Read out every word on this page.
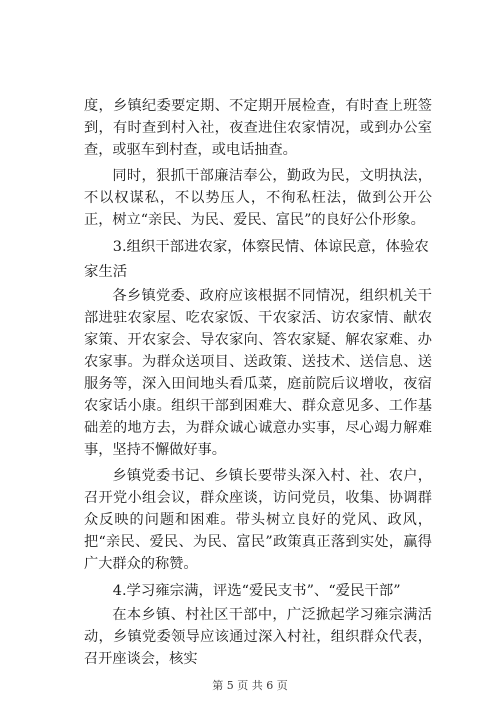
度，乡镇纪委要定期、不定期开展检查，有时查上班签到，有时查到村入社，夜查进住农家情况，或到办公室查，或驱车到村查，或电话抽查。

同时，狠抓干部廉洁奉公，勤政为民，文明执法，不以权谋私，不以势压人，不徇私枉法，做到公开公正，树立“亲民、为民、爱民、富民”的良好公仆形象。

3.组织干部进农家，体察民情、体谅民意，体验农家生活

各乡镇党委、政府应该根据不同情况，组织机关干部进驻农家屋、吃农家饭、干农家活、访农家情、献农家策、开农家会、导农家向、答农家疑、解农家难、办农家事。为群众送项目、送政策、送技术、送信息、送服务等，深入田间地头看瓜菜，庭前院后议增收，夜宿农家话小康。组织干部到困难大、群众意见多、工作基础差的地方去，为群众诚心诚意办实事，尽心竭力解难事，坚持不懈做好事。

乡镇党委书记、乡镇长要带头深入村、社、农户，召开党小组会议，群众座谈，访问党员，收集、协调群众反映的问题和困难。带头树立良好的党风、政风，把“亲民、爱民、为民、富民”政策真正落到实处，赢得广大群众的称赞。

4.学习雍宗满，评选“爱民支书”、“爱民干部”

在本乡镇、村社区干部中，广泛掀起学习雍宗满活动，乡镇党委领导应该通过深入村社，组织群众代表，召开座谈会，核实

第 5 页 共 6 页
